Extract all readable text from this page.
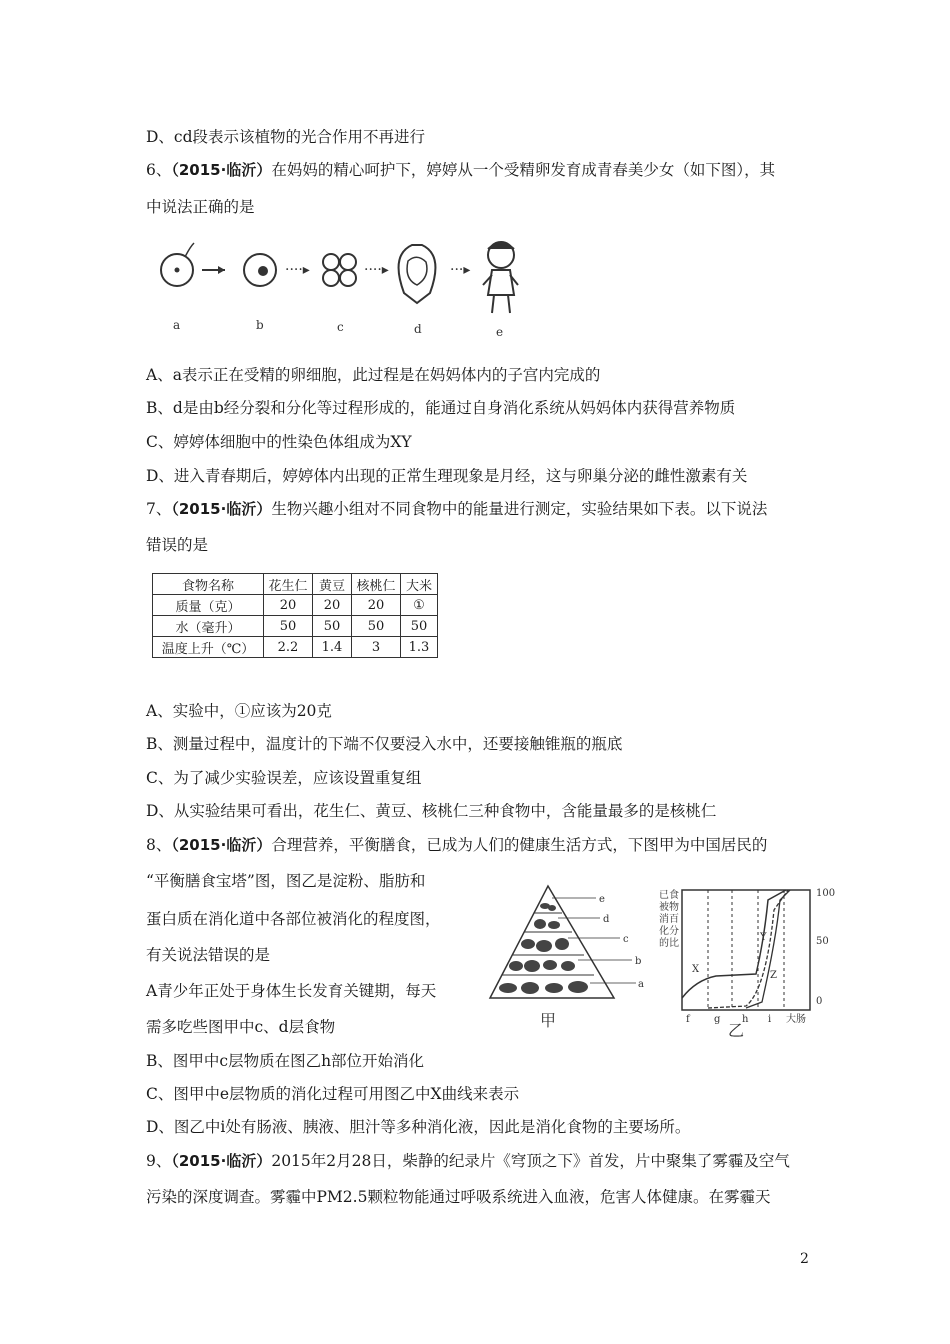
D、cd段表示该植物的光合作用不再进行
6、（2015·临沂）在妈妈的精心呵护下，婷婷从一个受精卵发育成青春美少女（如下图），其
中说法正确的是
····▸	····▸	···▸
a	b	c	d	e
A、a表示正在受精的卵细胞，此过程是在妈妈体内的子宫内完成的
B、d是由b经分裂和分化等过程形成的，能通过自身消化系统从妈妈体内获得营养物质
C、婷婷体细胞中的性染色体组成为XY
D、进入青春期后，婷婷体内出现的正常生理现象是月经，这与卵巢分泌的雌性激素有关
7、（2015·临沂）生物兴趣小组对不同食物中的能量进行测定，实验结果如下表。以下说法
错误的是
食物名称	花生仁	黄豆	核桃仁	大米
质量（克）	20	20	20	①
水（毫升）	50	50	50	50
温度上升（℃）	2.2	1.4	3	1.3
A、实验中，①应该为20克
B、测量过程中，温度计的下端不仅要浸入水中，还要接触锥瓶的瓶底
C、为了减少实验误差，应该设置重复组
D、从实验结果可看出，花生仁、黄豆、核桃仁三种食物中，含能量最多的是核桃仁
8、（2015·临沂）合理营养，平衡膳食，已成为人们的健康生活方式，下图甲为中国居民的
“平衡膳食宝塔”图，图乙是淀粉、脂肪和
蛋白质在消化道中各部位被消化的程度图，
有关说法错误的是
A青少年正处于身体生长发育关键期，每天
需多吃些图甲中c、d层食物
B、图甲中c层物质在图乙h部位开始消化
C、图甲中e层物质的消化过程可用图乙中X曲线来表示
D、图乙中i处有肠液、胰液、胆汁等多种消化液，因此是消化食物的主要场所。
e
d
c
b
a
甲
已
被
消
化
的
食
物
百
分
比
X
Y
Z
100
50
0
f g h i 大肠
乙
9、（2015·临沂）2015年2月28日，柴静的纪录片《穹顶之下》首发，片中聚集了雾霾及空气
污染的深度调查。雾霾中PM2.5颗粒物能通过呼吸系统进入血液，危害人体健康。在雾霾天
2
